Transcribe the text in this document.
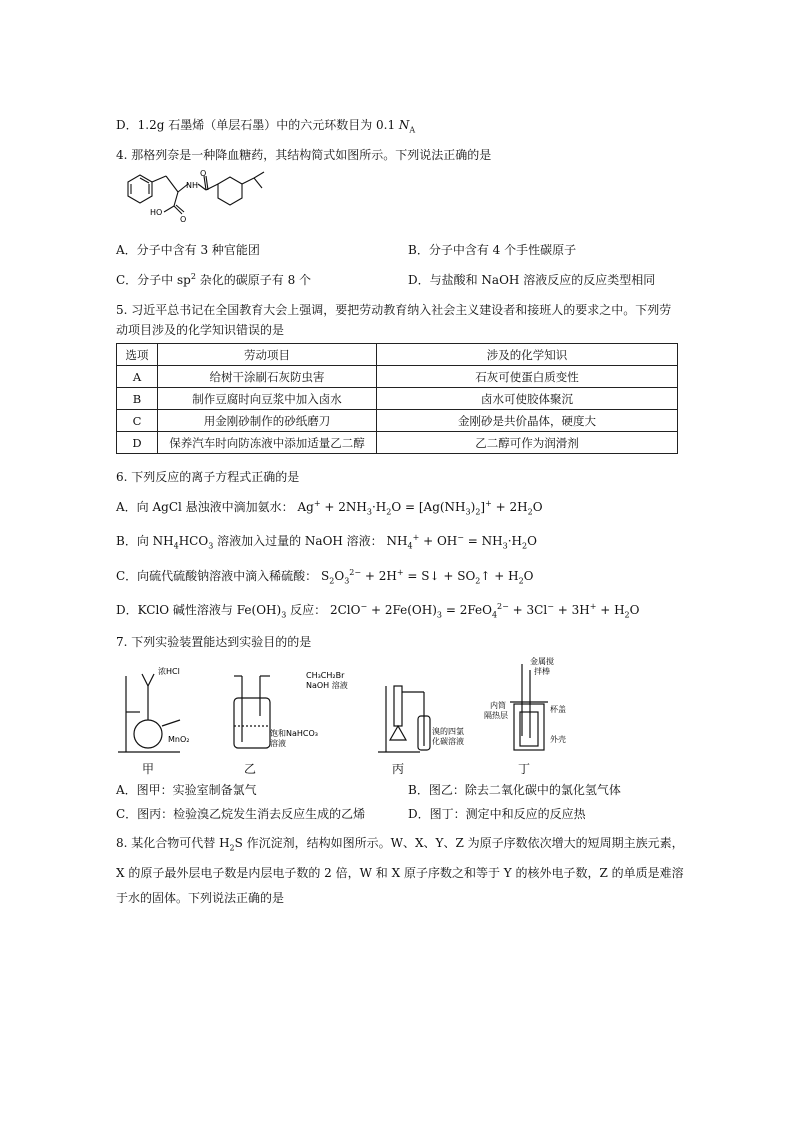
D．1.2g 石墨烯（单层石墨）中的六元环数目为 0.1 $N_A$
4. 那格列奈是一种降血糖药，其结构简式如图所示。下列说法正确的是
O
NH
HO
O
A．分子中含有 3 种官能团	B．分子中含有 4 个手性碳原子
C．分子中 $sp^2$ 杂化的碳原子有 8 个	D．与盐酸和 NaOH 溶液反应的反应类型相同
5. 习近平总书记在全国教育大会上强调，要把劳动教育纳入社会主义建设者和接班人的要求之中。下列劳
动项目涉及的化学知识错误的是
选项	劳动项目	涉及的化学知识
A	给树干涂刷石灰防虫害	石灰可使蛋白质变性
B	制作豆腐时向豆浆中加入卤水	卤水可使胶体聚沉
C	用金刚砂制作的砂纸磨刀	金刚砂是共价晶体，硬度大
D	保养汽车时向防冻液中添加适量乙二醇	乙二醇可作为润滑剂
6. 下列反应的离子方程式正确的是
A．向 AgCl 悬浊液中滴加氨水： $Ag^+ + 2NH_3\cdot H_2O = [Ag(NH_3)_2]^+ + 2H_2O$
B．向 $NH_4HCO_3$ 溶液加入过量的 NaOH 溶液： $NH_4^+ + OH^- = NH_3\cdot H_2O$
C．向硫代硫酸钠溶液中滴入稀硫酸： $S_2O_3^{2-} + 2H^+$ = S↓ + $SO_2↑ + H_2O$
D．KClO 碱性溶液与 $Fe(OH)_3$ 反应： $2ClO^- + 2Fe(OH)_3 = 2FeO_4^{2-} + 3Cl^- + 3H^+ + H_2O$
7. 下列实验装置能达到实验目的的是
浓HCl
MnO₂
饱和NaHCO₃
溶液
CH₃CH₂Br
NaOH 溶液
溴的四氯
化碳溶液
金属搅
拌棒
内筒
隔热层
杯盖
外壳
甲	乙	丙	丁
A．图甲：实验室制备氯气	B．图乙：除去二氧化碳中的氯化氢气体
C．图丙：检验溴乙烷发生消去反应生成的乙烯	D．图丁：测定中和反应的反应热
8. 某化合物可代替 $H_2S$ 作沉淀剂，结构如图所示。W、X、Y、Z 为原子序数依次增大的短周期主族元素，
X 的原子最外层电子数是内层电子数的 2 倍，W 和 X 原子序数之和等于 Y 的核外电子数，Z 的单质是难溶
于水的固体。下列说法正确的是
